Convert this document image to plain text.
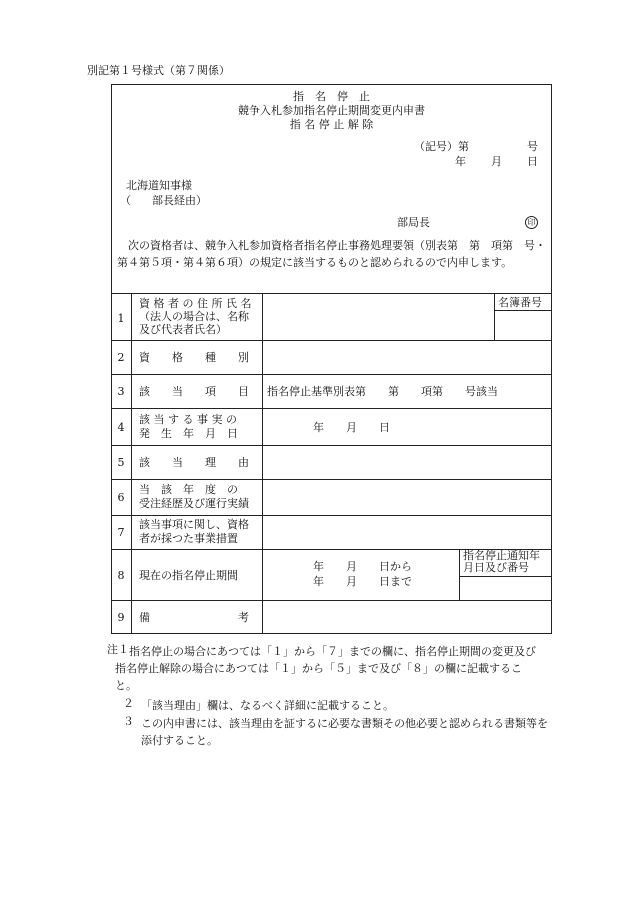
別記第１号様式（第７関係）
指　名　停　止
競争入札参加指名停止期間変更内申書
指 名 停 止 解 除
（記号）第	号
年 月 日
北海道知事様
（ 部長経由）
部局長	印
　次の資格者は、競争入札参加資格者指名停止事務処理要領（別表第　第　項第　号・第４第５項・第４第６項）の規定に該当するものと認められるので内申します。
1
2
3
4
5
6
7
8
9
資 格 者 の 住 所 氏 名
（法人の場合は、名称
及び代表者氏名）
資　　格　　種　　別
該　　当　　項　　目
該 当 す る 事 実 の
発　生　年　月　日
該　　当　　理　　由
当　該　年　度　の
受注経歴及び運行実績
該当事項に関し、資格
者が採つた事業措置
現在の指名停止期間
備　　　　　　　　考
名簿番号
指名停止基準別表第　　第　　項第　　号該当
年　　月　　日
年　　月　　日から
年　　月　　日まで
指名停止通知年
月日及び番号
注１ 指名停止の場合にあつては「１」から「７」までの欄に、指名停止期間の変更及び指名停止解除の場合にあつては「１」から「５」まで及び「８」の欄に記載すること。
２ 「該当理由」欄は、なるべく詳細に記載すること。
３ この内申書には、該当理由を証するに必要な書類その他必要と認められる書類等を添付すること。
